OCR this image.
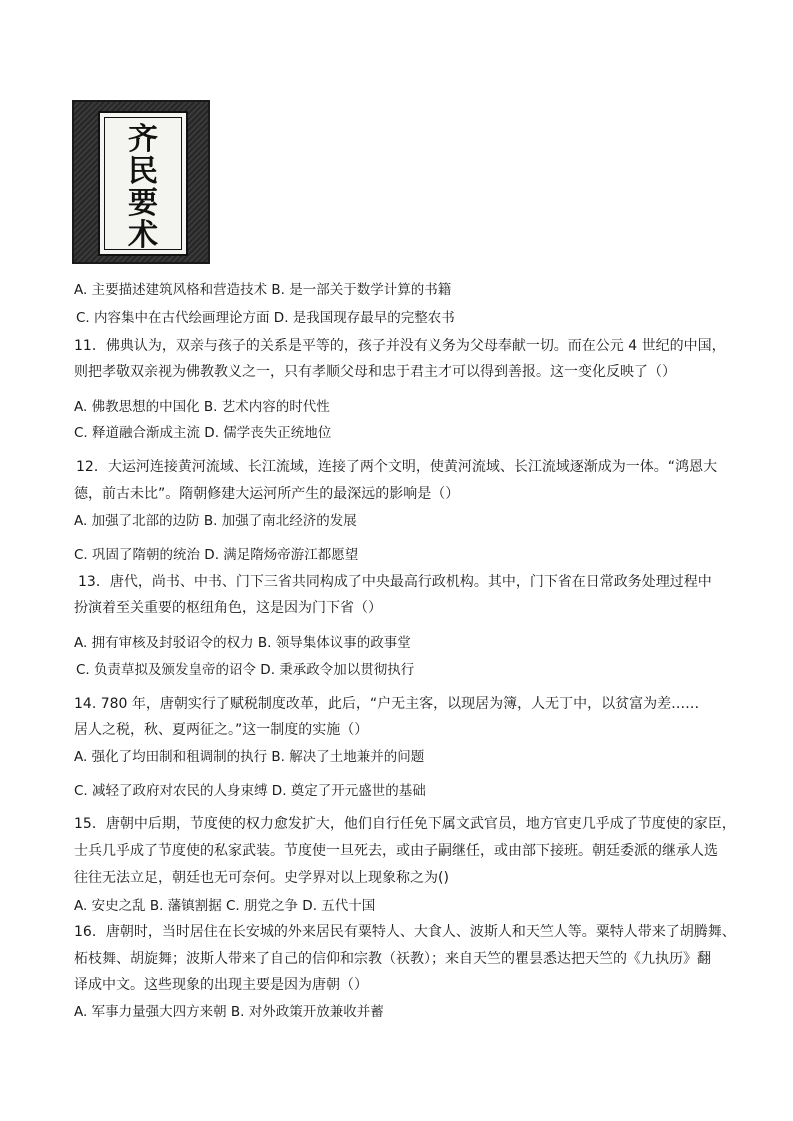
齐
民
要
术
A. 主要描述建筑风格和营造技术 B. 是一部关于数学计算的书籍
C. 内容集中在古代绘画理论方面 D. 是我国现存最早的完整农书
11．佛典认为，双亲与孩子的关系是平等的，孩子并没有义务为父母奉献一切。而在公元 4 世纪的中国，
则把孝敬双亲视为佛教教义之一，只有孝顺父母和忠于君主才可以得到善报。这一变化反映了（）
A. 佛教思想的中国化 B. 艺术内容的时代性
C. 释道融合渐成主流 D. 儒学丧失正统地位
12．大运河连接黄河流域、长江流域，连接了两个文明，使黄河流域、长江流域逐渐成为一体。“鸿恩大
德，前古未比”。隋朝修建大运河所产生的最深远的影响是（）
A. 加强了北部的边防 B. 加强了南北经济的发展
C. 巩固了隋朝的统治 D. 满足隋炀帝游江都愿望
13．唐代，尚书、中书、门下三省共同构成了中央最高行政机构。其中，门下省在日常政务处理过程中
扮演着至关重要的枢纽角色，这是因为门下省（）
A. 拥有审核及封驳诏令的权力 B. 领导集体议事的政事堂
C. 负责草拟及颁发皇帝的诏令 D. 秉承政令加以贯彻执行
14. 780 年，唐朝实行了赋税制度改革，此后，“户无主客，以现居为簿，人无丁中，以贫富为差……
居人之税，秋、夏两征之。”这一制度的实施（）
A. 强化了均田制和租调制的执行 B. 解决了土地兼并的问题
C. 减轻了政府对农民的人身束缚 D. 奠定了开元盛世的基础
15．唐朝中后期，节度使的权力愈发扩大，他们自行任免下属文武官员，地方官吏几乎成了节度使的家臣，
士兵几乎成了节度使的私家武装。节度使一旦死去，或由子嗣继任，或由部下接班。朝廷委派的继承人选
往往无法立足，朝廷也无可奈何。史学界对以上现象称之为()
A. 安史之乱 B. 藩镇割据 C. 朋党之争 D. 五代十国
16．唐朝时，当时居住在长安城的外来居民有粟特人、大食人、波斯人和天竺人等。粟特人带来了胡腾舞、
柘枝舞、胡旋舞；波斯人带来了自己的信仰和宗教（祆教）；来自天竺的瞿昙悉达把天竺的《九执历》翻
译成中文。这些现象的出现主要是因为唐朝（）
A. 军事力量强大四方来朝 B. 对外政策开放兼收并蓄
